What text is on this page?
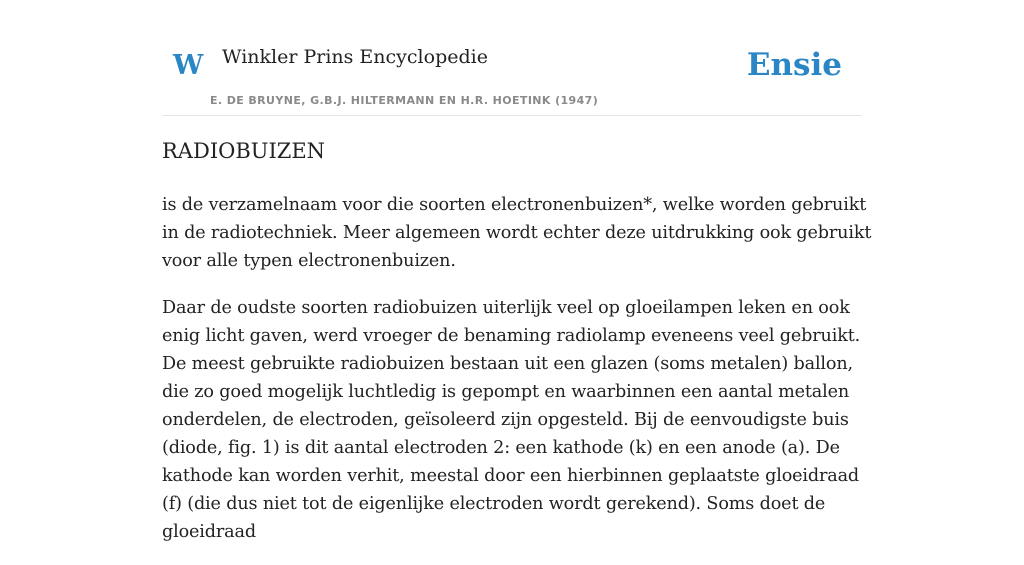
W Winkler Prins Encyclopedie
E. DE BRUYNE, G.B.J. HILTERMANN EN H.R. HOETINK (1947)
Ensie
RADIOBUIZEN

is de verzamelnaam voor die soorten electronenbuizen*, welke worden gebruikt in de radiotechniek. Meer algemeen wordt echter deze uitdrukking ook gebruikt voor alle typen electronenbuizen.

Daar de oudste soorten radiobuizen uiterlijk veel op gloeilampen leken en ook enig licht gaven, werd vroeger de benaming radiolamp eveneens veel gebruikt. De meest gebruikte radiobuizen bestaan uit een glazen (soms metalen) ballon, die zo goed mogelijk luchtledig is gepompt en waarbinnen een aantal metalen onderdelen, de electroden, geïsoleerd zijn opgesteld. Bij de eenvoudigste buis (diode, fig. 1) is dit aantal electroden 2: een kathode (k) en een anode (a). De kathode kan worden verhit, meestal door een hierbinnen geplaatste gloeidraad (f) (die dus niet tot de eigenlijke electroden wordt gerekend). Soms doet de gloeidraad
